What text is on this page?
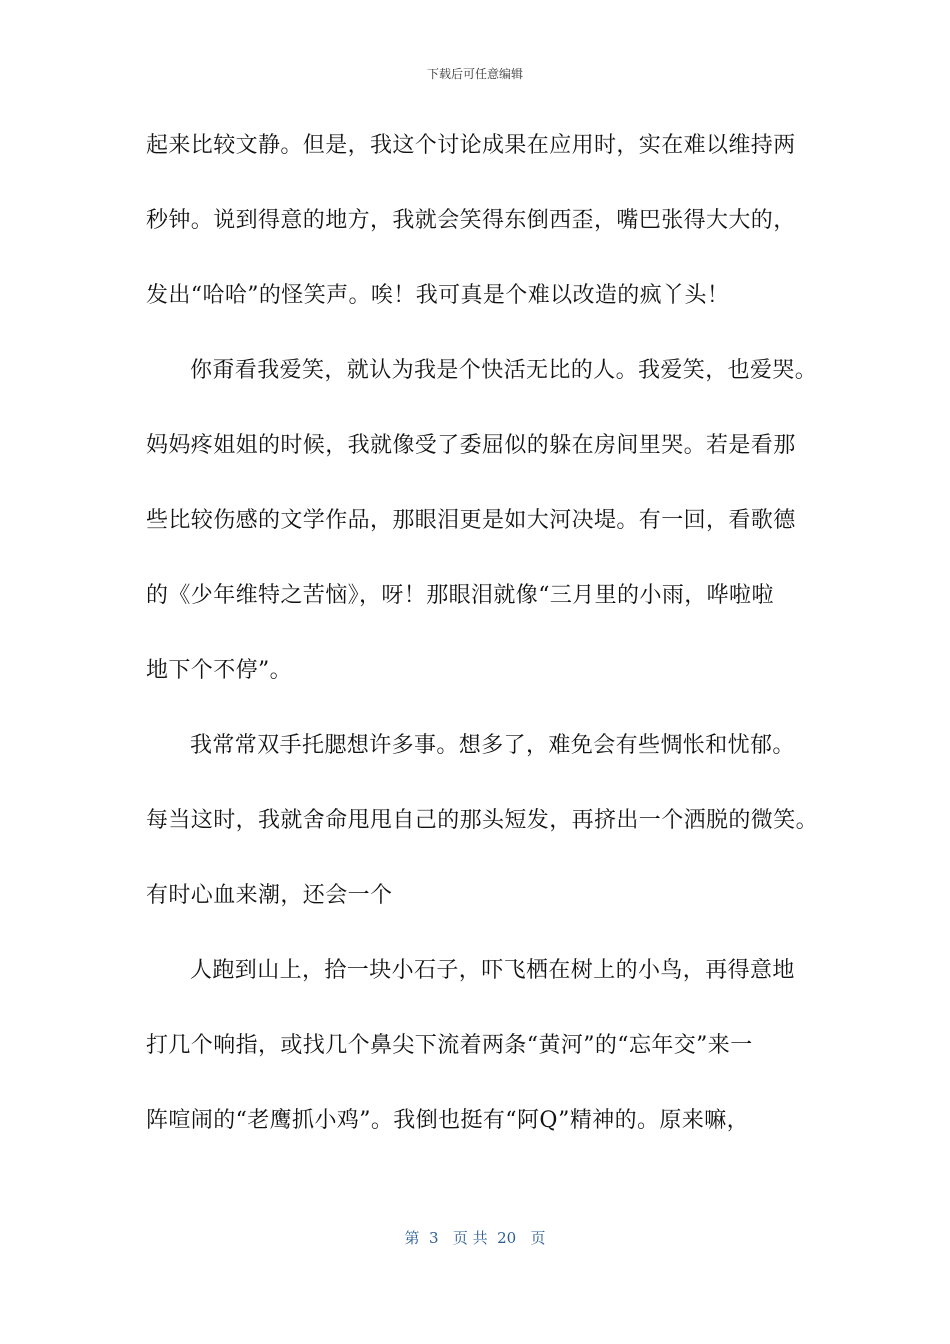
下载后可任意编辑
起来比较文静。但是，我这个讨论成果在应用时，实在难以维持两
秒钟。说到得意的地方，我就会笑得东倒西歪，嘴巴张得大大的，
发出“哈哈”的怪笑声。唉！我可真是个难以改造的疯丫头！
你甭看我爱笑，就认为我是个快活无比的人。我爱笑，也爱哭。
妈妈疼姐姐的时候，我就像受了委屈似的躲在房间里哭。若是看那
些比较伤感的文学作品，那眼泪更是如大河决堤。有一回，看歌德
的《少年维特之苦恼》，呀！那眼泪就像“三月里的小雨，哗啦啦
地下个不停”。
我常常双手托腮想许多事。想多了，难免会有些惆怅和忧郁。
每当这时，我就舍命甩甩自己的那头短发，再挤出一个洒脱的微笑。
有时心血来潮，还会一个
人跑到山上，拾一块小石子，吓飞栖在树上的小鸟，再得意地
打几个响指，或找几个鼻尖下流着两条“黄河”的“忘年交”来一
阵喧闹的“老鹰抓小鸡”。我倒也挺有“阿Q”精神的。原来嘛，
第  3   页 共  20   页
